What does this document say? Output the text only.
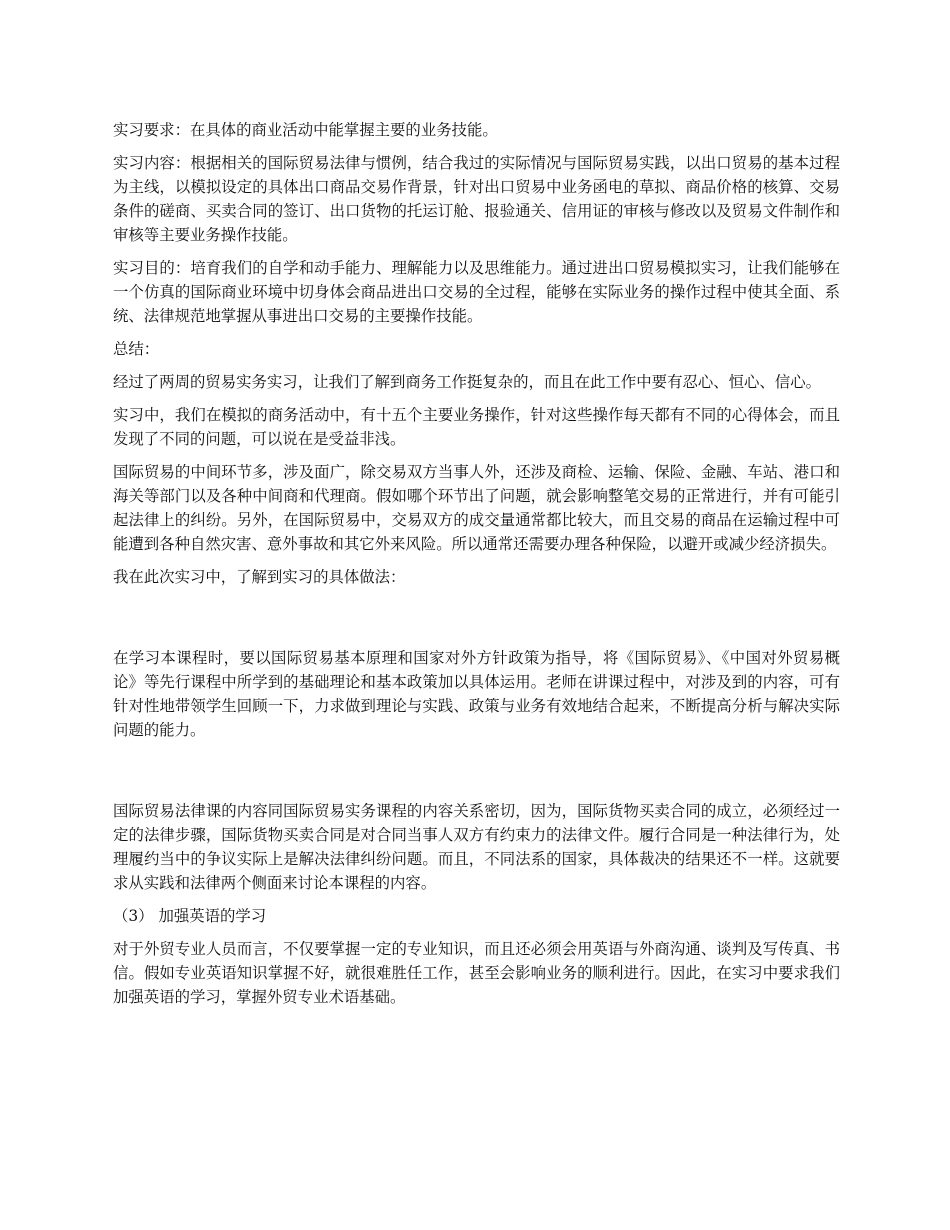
实习要求：在具体的商业活动中能掌握主要的业务技能。

实习内容：根据相关的国际贸易法律与惯例，结合我过的实际情况与国际贸易实践，以出口贸易的基本过程为主线，以模拟设定的具体出口商品交易作背景，针对出口贸易中业务函电的草拟、商品价格的核算、交易条件的磋商、买卖合同的签订、出口货物的托运订舱、报验通关、信用证的审核与修改以及贸易文件制作和审核等主要业务操作技能。

实习目的：培育我们的自学和动手能力、理解能力以及思维能力。通过进出口贸易模拟实习，让我们能够在一个仿真的国际商业环境中切身体会商品进出口交易的全过程，能够在实际业务的操作过程中使其全面、系统、法律规范地掌握从事进出口交易的主要操作技能。

总结：

经过了两周的贸易实务实习，让我们了解到商务工作挺复杂的，而且在此工作中要有忍心、恒心、信心。

实习中，我们在模拟的商务活动中，有十五个主要业务操作，针对这些操作每天都有不同的心得体会，而且发现了不同的问题，可以说在是受益非浅。

国际贸易的中间环节多，涉及面广，除交易双方当事人外，还涉及商检、运输、保险、金融、车站、港口和海关等部门以及各种中间商和代理商。假如哪个环节出了问题，就会影响整笔交易的正常进行，并有可能引起法律上的纠纷。另外，在国际贸易中，交易双方的成交量通常都比较大，而且交易的商品在运输过程中可能遭到各种自然灾害、意外事故和其它外来风险。所以通常还需要办理各种保险，以避开或减少经济损失。

我在此次实习中，了解到实习的具体做法：

在学习本课程时，要以国际贸易基本原理和国家对外方针政策为指导，将《国际贸易》、《中国对外贸易概论》等先行课程中所学到的基础理论和基本政策加以具体运用。老师在讲课过程中，对涉及到的内容，可有针对性地带领学生回顾一下，力求做到理论与实践、政策与业务有效地结合起来，不断提高分析与解决实际问题的能力。

国际贸易法律课的内容同国际贸易实务课程的内容关系密切，因为，国际货物买卖合同的成立，必须经过一定的法律步骤，国际货物买卖合同是对合同当事人双方有约束力的法律文件。履行合同是一种法律行为，处理履约当中的争议实际上是解决法律纠纷问题。而且，不同法系的国家，具体裁决的结果还不一样。这就要求从实践和法律两个侧面来讨论本课程的内容。

（3） 加强英语的学习

对于外贸专业人员而言，不仅要掌握一定的专业知识，而且还必须会用英语与外商沟通、谈判及写传真、书信。假如专业英语知识掌握不好，就很难胜任工作，甚至会影响业务的顺利进行。因此，在实习中要求我们加强英语的学习，掌握外贸专业术语基础。
